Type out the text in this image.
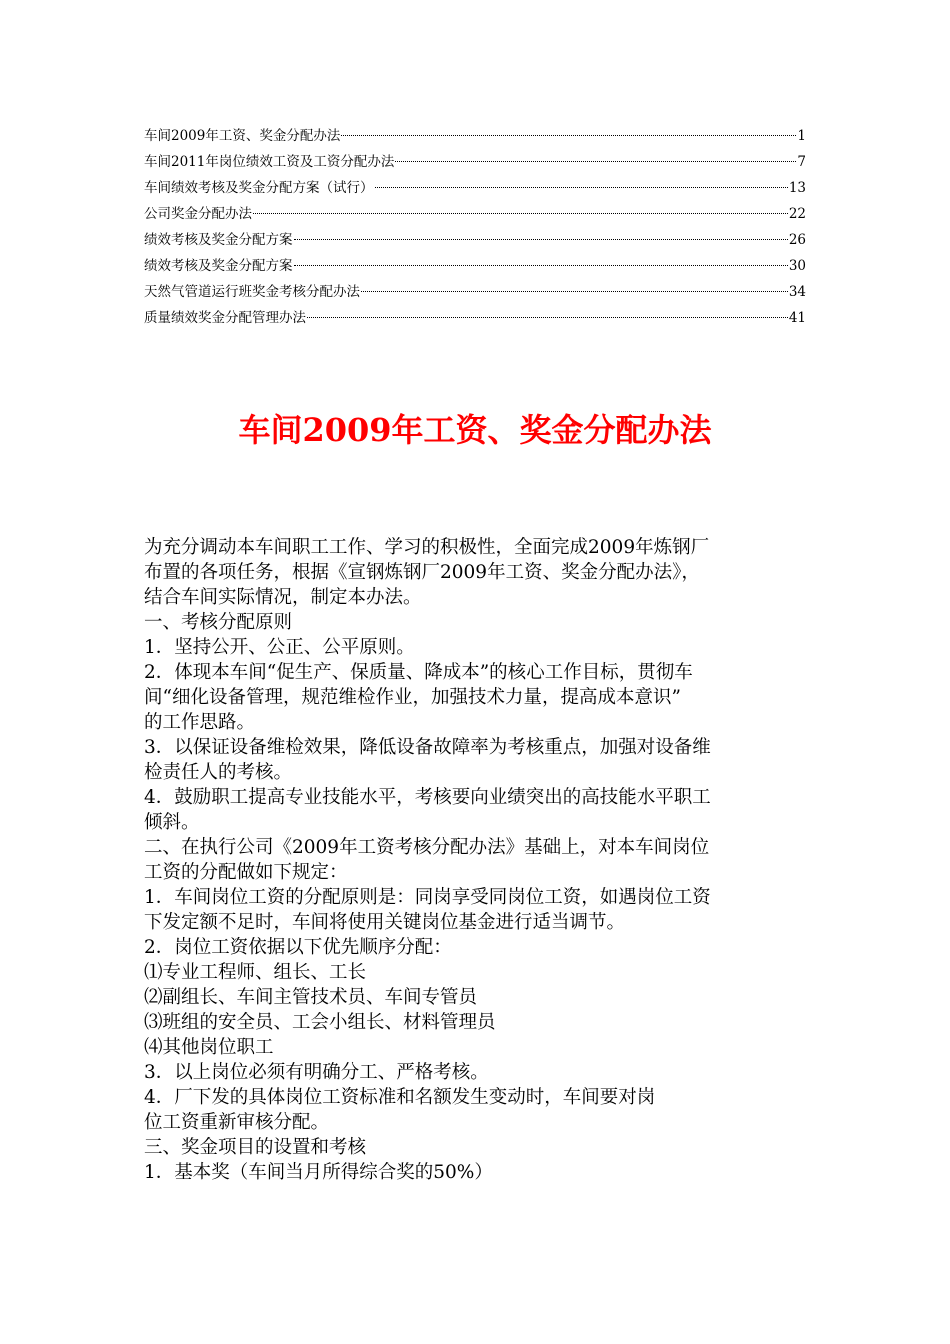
车间2009年工资、奖金分配办法	1
车间2011年岗位绩效工资及工资分配办法	7
车间绩效考核及奖金分配方案（试行）	13
公司奖金分配办法	22
绩效考核及奖金分配方案	26
绩效考核及奖金分配方案	30
天然气管道运行班奖金考核分配办法	34
质量绩效奖金分配管理办法	41
车间2009年工资、奖金分配办法

为充分调动本车间职工工作、学习的积极性，全面完成2009年炼钢厂

布置的各项任务，根据《宣钢炼钢厂2009年工资、奖金分配办法》，

结合车间实际情况，制定本办法。

一、考核分配原则

1．坚持公开、公正、公平原则。

2．体现本车间“促生产、保质量、降成本”的核心工作目标，贯彻车

间“细化设备管理，规范维检作业，加强技术力量，提高成本意识”

的工作思路。

3．以保证设备维检效果，降低设备故障率为考核重点，加强对设备维

检责任人的考核。

4．鼓励职工提高专业技能水平，考核要向业绩突出的高技能水平职工

倾斜。

二、在执行公司《2009年工资考核分配办法》基础上，对本车间岗位

工资的分配做如下规定：

1．车间岗位工资的分配原则是：同岗享受同岗位工资，如遇岗位工资

下发定额不足时，车间将使用关键岗位基金进行适当调节。

2．岗位工资依据以下优先顺序分配：

⑴专业工程师、组长、工长

⑵副组长、车间主管技术员、车间专管员

⑶班组的安全员、工会小组长、材料管理员

⑷其他岗位职工

3．以上岗位必须有明确分工、严格考核。

4．厂下发的具体岗位工资标准和名额发生变动时，车间要对岗

位工资重新审核分配。

三、奖金项目的设置和考核

1．基本奖（车间当月所得综合奖的50%）
